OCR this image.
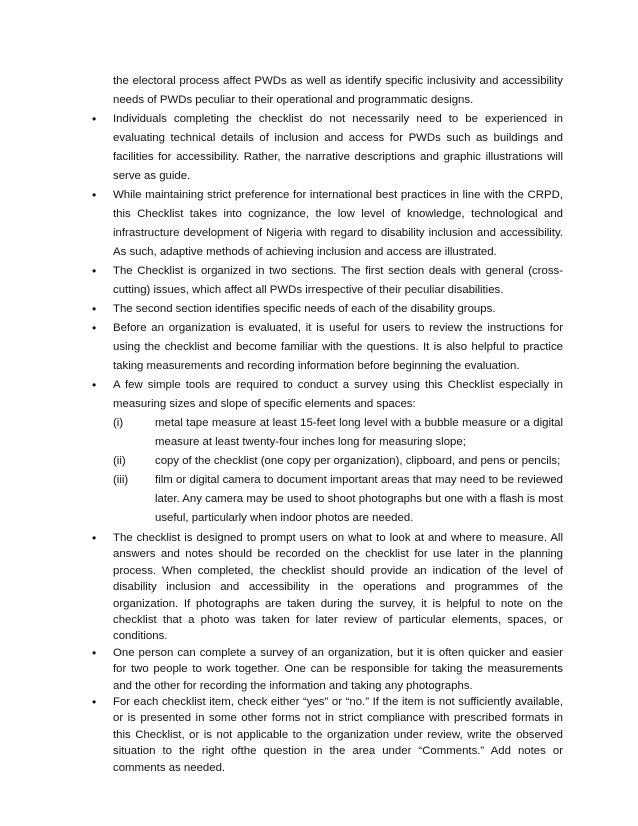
the electoral process affect PWDs as well as identify specific inclusivity and accessibility needs of PWDs peculiar to their operational and programmatic designs.

• Individuals completing the checklist do not necessarily need to be experienced in evaluating technical details of inclusion and access for PWDs such as buildings and facilities for accessibility. Rather, the narrative descriptions and graphic illustrations will serve as guide.

• While maintaining strict preference for international best practices in line with the CRPD, this Checklist takes into cognizance, the low level of knowledge, technological and infrastructure development of Nigeria with regard to disability inclusion and accessibility. As such, adaptive methods of achieving inclusion and access are illustrated.

• The Checklist is organized in two sections. The first section deals with general (cross-cutting) issues, which affect all PWDs irrespective of their peculiar disabilities.

• The second section identifies specific needs of each of the disability groups.

• Before an organization is evaluated, it is useful for users to review the instructions for using the checklist and become familiar with the questions. It is also helpful to practice taking measurements and recording information before beginning the evaluation.

• A few simple tools are required to conduct a survey using this Checklist especially in measuring sizes and slope of specific elements and spaces:

(i)	metal tape measure at least 15-feet long level with a bubble measure or a digital measure at least twenty-four inches long for measuring slope;
(ii)	copy of the checklist (one copy per organization), clipboard, and pens or pencils;
(iii)	film or digital camera to document important areas that may need to be reviewed later. Any camera may be used to shoot photographs but one with a flash is most useful, particularly when indoor photos are needed.

• The checklist is designed to prompt users on what to look at and where to measure. All answers and notes should be recorded on the checklist for use later in the planning process. When completed, the checklist should provide an indication of the level of disability inclusion and accessibility in the operations and programmes of the organization. If photographs are taken during the survey, it is helpful to note on the checklist that a photo was taken for later review of particular elements, spaces, or conditions.

• One person can complete a survey of an organization, but it is often quicker and easier for two people to work together. One can be responsible for taking the measurements and the other for recording the information and taking any photographs.

• For each checklist item, check either “yes” or “no.” If the item is not sufficiently available, or is presented in some other forms not in strict compliance with prescribed formats in this Checklist, or is not applicable to the organization under review, write the observed situation to the right ofthe question in the area under “Comments.” Add notes or comments as needed.
